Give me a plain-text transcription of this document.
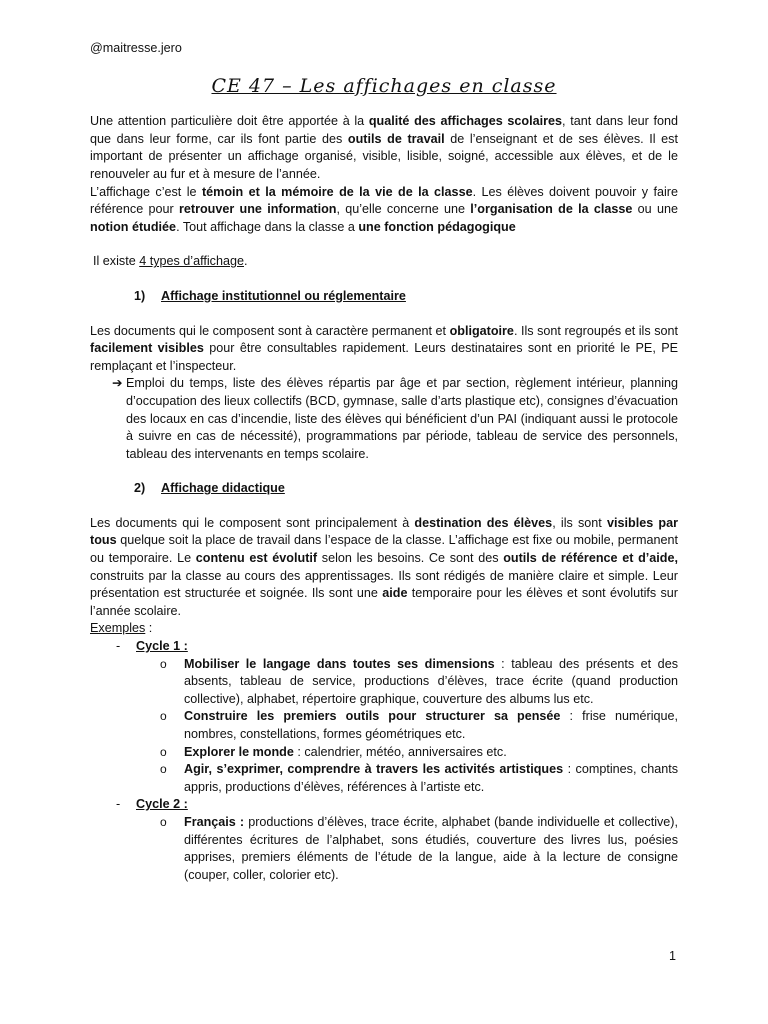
@maitresse.jero

CE 47 – Les affichages en classe

Une attention particulière doit être apportée à la qualité des affichages scolaires, tant dans leur fond que dans leur forme, car ils font partie des outils de travail de l’enseignant et de ses élèves. Il est important de présenter un affichage organisé, visible, lisible, soigné, accessible aux élèves, et de le renouveler au fur et à mesure de l’année.

L’affichage c’est le témoin et la mémoire de la vie de la classe. Les élèves doivent pouvoir y faire référence pour retrouver une information, qu’elle concerne une l’organisation de la classe ou une notion étudiée. Tout affichage dans la classe a une fonction pédagogique

Il existe 4 types d’affichage.

1) Affichage institutionnel ou réglementaire

Les documents qui le composent sont à caractère permanent et obligatoire. Ils sont regroupés et ils sont facilement visibles pour être consultables rapidement. Leurs destinataires sont en priorité le PE, PE remplaçant et l’inspecteur.

➔ Emploi du temps, liste des élèves répartis par âge et par section, règlement intérieur, planning d’occupation des lieux collectifs (BCD, gymnase, salle d’arts plastique etc), consignes d’évacuation des locaux en cas d’incendie, liste des élèves qui bénéficient d’un PAI (indiquant aussi le protocole à suivre en cas de nécessité), programmations par période, tableau de service des personnels, tableau des intervenants en temps scolaire.

2) Affichage didactique

Les documents qui le composent sont principalement à destination des élèves, ils sont visibles par tous quelque soit la place de travail dans l’espace de la classe. L’affichage est fixe ou mobile, permanent ou temporaire. Le contenu est évolutif selon les besoins. Ce sont des outils de référence et d’aide, construits par la classe au cours des apprentissages. Ils sont rédigés de manière claire et simple. Leur présentation est structurée et soignée. Ils sont une aide temporaire pour les élèves et sont évolutifs sur l’année scolaire.

Exemples :

- Cycle 1 :
o Mobiliser le langage dans toutes ses dimensions : tableau des présents et des absents, tableau de service, productions d’élèves, trace écrite (quand production collective), alphabet, répertoire graphique, couverture des albums lus etc.
o Construire les premiers outils pour structurer sa pensée : frise numérique, nombres, constellations, formes géométriques etc.
o Explorer le monde : calendrier, météo, anniversaires etc.
o Agir, s’exprimer, comprendre à travers les activités artistiques : comptines, chants appris, productions d’élèves, références à l’artiste etc.
- Cycle 2 :
o Français : productions d’élèves, trace écrite, alphabet (bande individuelle et collective), différentes écritures de l’alphabet, sons étudiés, couverture des livres lus, poésies apprises, premiers éléments de l’étude de la langue, aide à la lecture de consigne (couper, coller, colorier etc).
1
